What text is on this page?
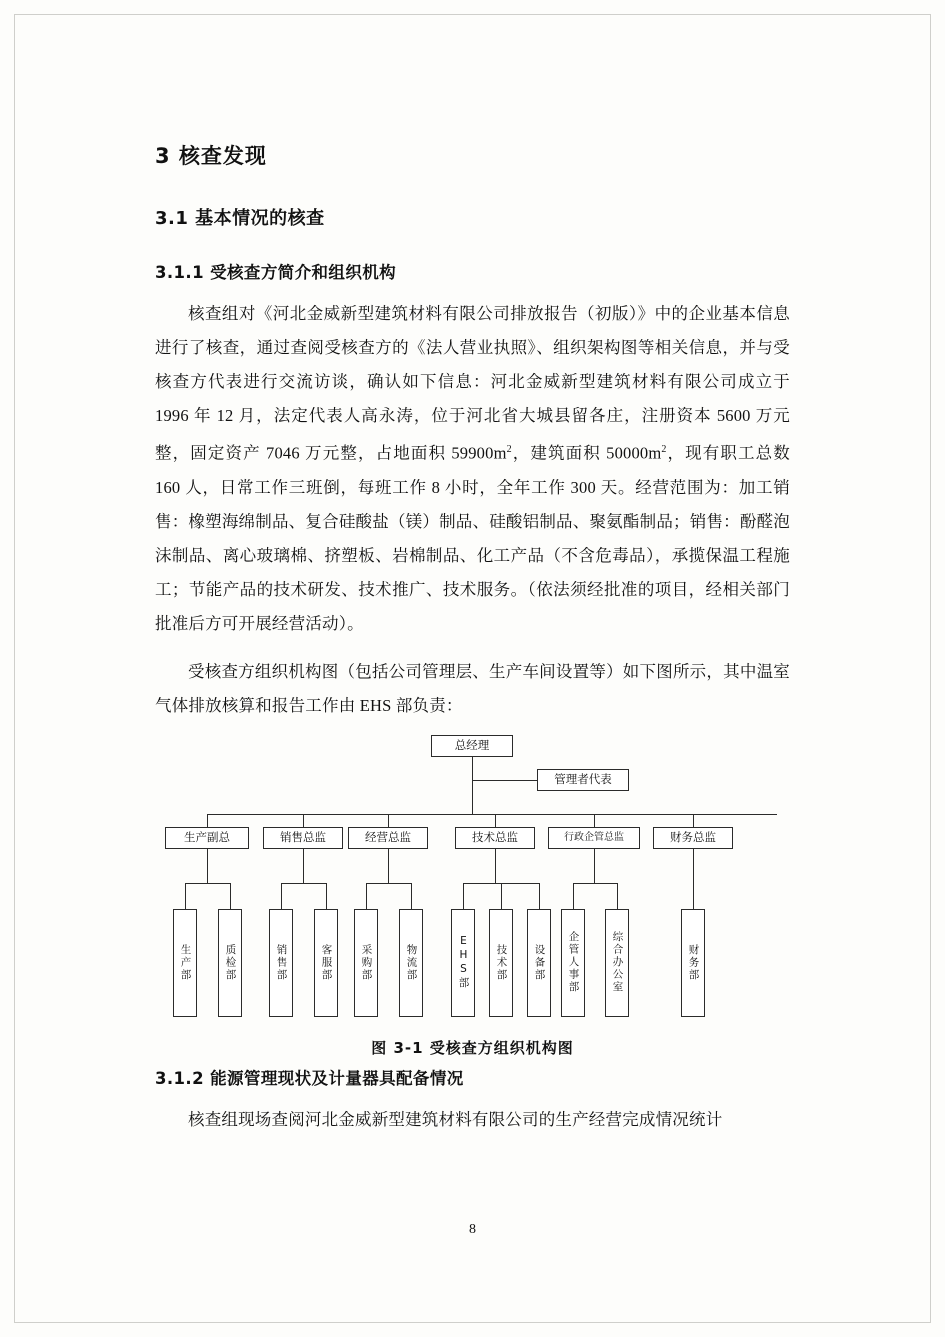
3 核查发现
3.1 基本情况的核查
3.1.1 受核查方简介和组织机构

核查组对《河北金威新型建筑材料有限公司排放报告（初版）》中的企业基本信息进行了核查，通过查阅受核查方的《法人营业执照》、组织架构图等相关信息，并与受核查方代表进行交流访谈，确认如下信息：河北金威新型建筑材料有限公司成立于 1996 年 12 月，法定代表人高永涛，位于河北省大城县留各庄，注册资本 5600 万元整，固定资产 7046 万元整，占地面积 $59900m^2$，建筑面积 $50000m^2$，现有职工总数 160 人，日常工作三班倒，每班工作 8 小时，全年工作 300 天。经营范围为：加工销售：橡塑海绵制品、复合硅酸盐（镁）制品、硅酸铝制品、聚氨酯制品；销售：酚醛泡沫制品、离心玻璃棉、挤塑板、岩棉制品、化工产品（不含危毒品），承揽保温工程施工；节能产品的技术研发、技术推广、技术服务。（依法须经批准的项目，经相关部门批准后方可开展经营活动）。

受核查方组织机构图（包括公司管理层、生产车间设置等）如下图所示，其中温室气体排放核算和报告工作由 EHS 部负责：

总经理
管理者代表
生产副总	销售总监	经营总监	技术总监	行政企管总监	财务总监
生产部	质检部	销售部	客服部	采购部	物流部	EHS部	技术部	设备部	企管人事部	综合办公室	财务部
图 3-1 受核查方组织机构图
3.1.2 能源管理现状及计量器具配备情况

核查组现场查阅河北金威新型建筑材料有限公司的生产经营完成情况统计

8
